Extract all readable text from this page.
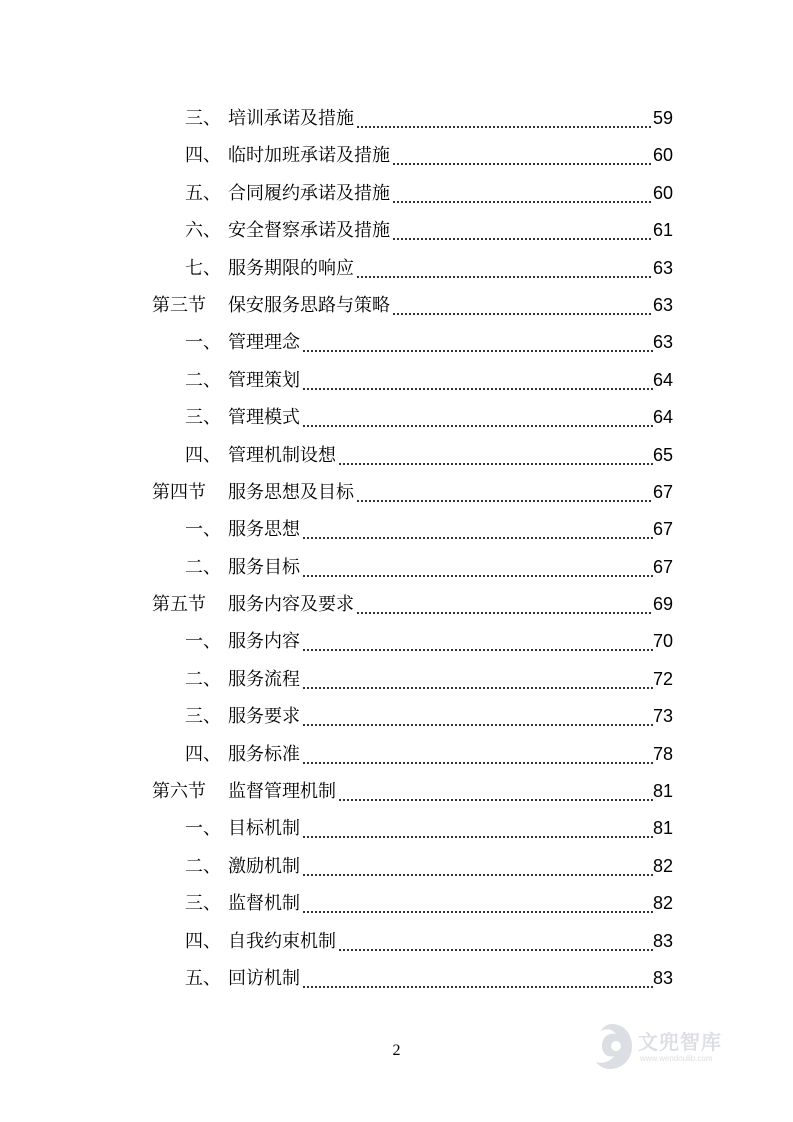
三、 培训承诺及措施	59
四、 临时加班承诺及措施	60
五、 合同履约承诺及措施	60
六、 安全督察承诺及措施	61
七、 服务期限的响应	63
第三节 保安服务思路与策略	63
一、 管理理念	63
二、 管理策划	64
三、 管理模式	64
四、 管理机制设想	65
第四节 服务思想及目标	67
一、 服务思想	67
二、 服务目标	67
第五节 服务内容及要求	69
一、 服务内容	70
二、 服务流程	72
三、 服务要求	73
四、 服务标准	78
第六节 监督管理机制	81
一、 目标机制	81
二、 激励机制	82
三、 监督机制	82
四、 自我约束机制	83
五、 回访机制	83
2	文兜智库
www.wendoulib.com
